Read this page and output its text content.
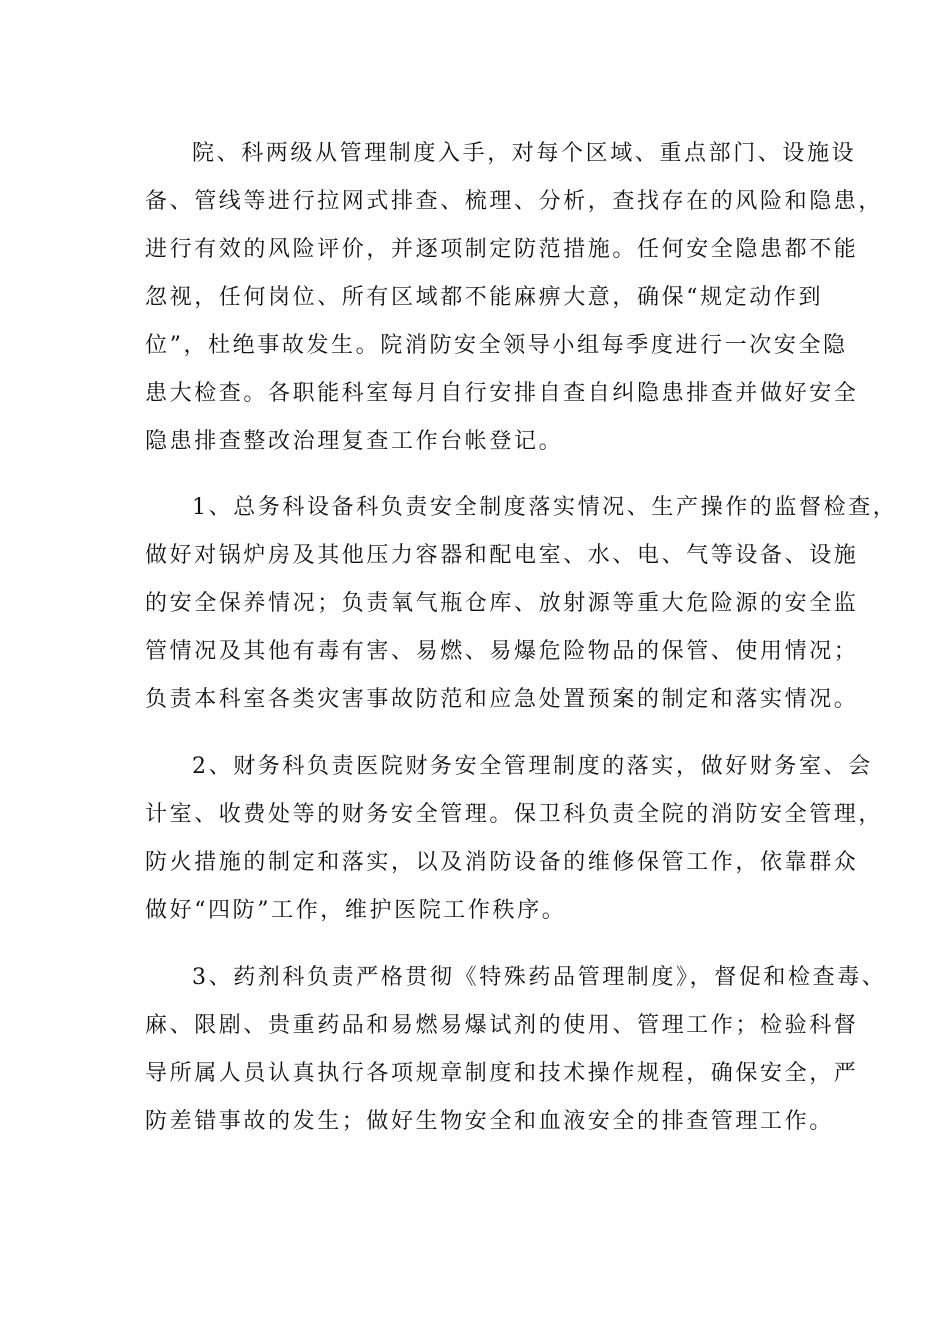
院、科两级从管理制度入手，对每个区域、重点部门、设施设
备、管线等进行拉网式排查、梳理、分析，查找存在的风险和隐患，
进行有效的风险评价，并逐项制定防范措施。任何安全隐患都不能
忽视，任何岗位、所有区域都不能麻痹大意，确保“规定动作到
位”，杜绝事故发生。院消防安全领导小组每季度进行一次安全隐
患大检查。各职能科室每月自行安排自查自纠隐患排查并做好安全
隐患排查整改治理复查工作台帐登记。
1、总务科设备科负责安全制度落实情况、生产操作的监督检查，
做好对锅炉房及其他压力容器和配电室、水、电、气等设备、设施
的安全保养情况；负责氧气瓶仓库、放射源等重大危险源的安全监
管情况及其他有毒有害、易燃、易爆危险物品的保管、使用情况；
负责本科室各类灾害事故防范和应急处置预案的制定和落实情况。
2、财务科负责医院财务安全管理制度的落实，做好财务室、会
计室、收费处等的财务安全管理。保卫科负责全院的消防安全管理，
防火措施的制定和落实，以及消防设备的维修保管工作，依靠群众
做好“四防”工作，维护医院工作秩序。
3、药剂科负责严格贯彻《特殊药品管理制度》，督促和检查毒、
麻、限剧、贵重药品和易燃易爆试剂的使用、管理工作；检验科督
导所属人员认真执行各项规章制度和技术操作规程，确保安全，严
防差错事故的发生；做好生物安全和血液安全的排查管理工作。
